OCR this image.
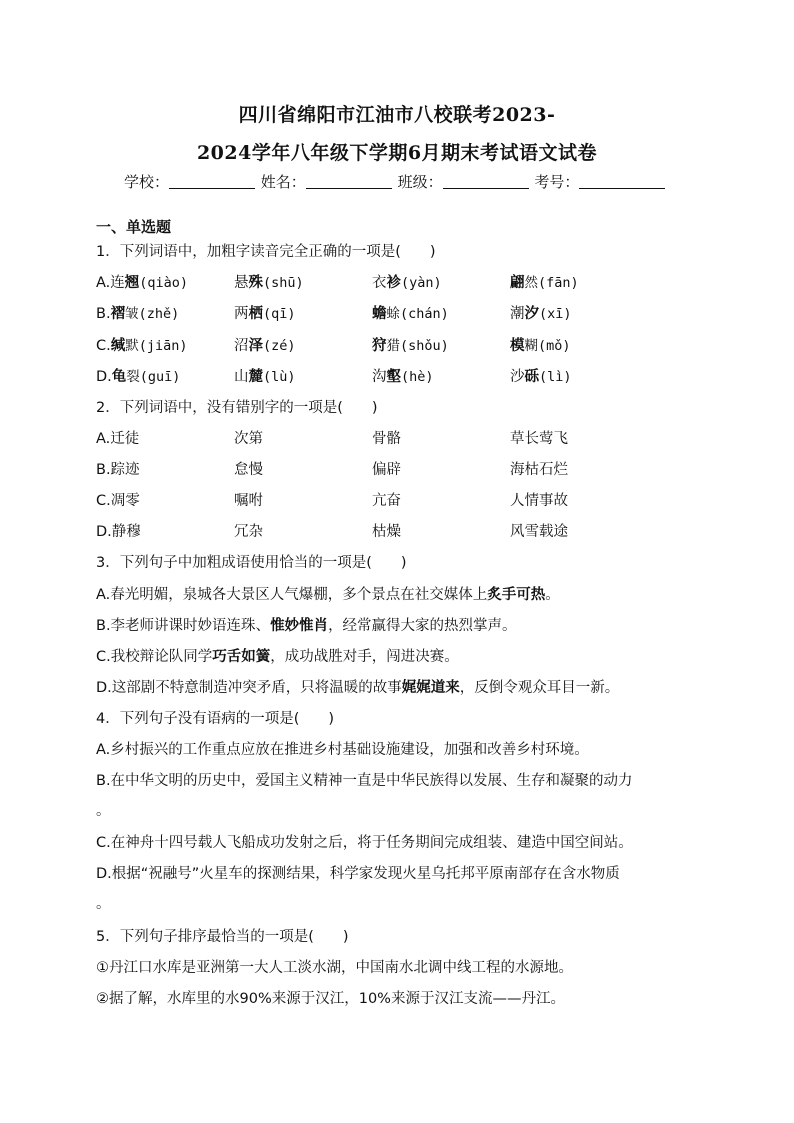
四川省绵阳市江油市八校联考2023-
2024学年八年级下学期6月期末考试语文试卷
学校：	姓名：	班级：	考号：
一、单选题
1．下列词语中，加粗字读音完全正确的一项是(　　)
A.连翘(qiào)	悬殊(shū)	衣袗(yàn)	翩然(fān)
B.褶皱(zhě)	两栖(qī)	蟾蜍(chán)	潮汐(xī)
C.缄默(jiān)	沼泽(zé)	狩猎(shǒu)	模糊(mǒ)
D.龟裂(guī)	山麓(lù)	沟壑(hè)	沙砾(lì)
2．下列词语中，没有错别字的一项是(　　)
A.迁徒	次第	骨骼	草长莺飞
B.踪迹	怠慢	偏辟	海枯石烂
C.凋零	嘱咐	亢奋	人情事故
D.静穆	冗杂	枯燥	风雪载途
3．下列句子中加粗成语使用恰当的一项是(　　)
A.春光明媚，泉城各大景区人气爆棚，多个景点在社交媒体上炙手可热。
B.李老师讲课时妙语连珠、惟妙惟肖，经常赢得大家的热烈掌声。
C.我校辩论队同学巧舌如簧，成功战胜对手，闯进决赛。
D.这部剧不特意制造冲突矛盾，只将温暖的故事娓娓道来，反倒令观众耳目一新。
4．下列句子没有语病的一项是(　　)
A.乡村振兴的工作重点应放在推进乡村基础设施建设，加强和改善乡村环境。
B.在中华文明的历史中，爱国主义精神一直是中华民族得以发展、生存和凝聚的动力
。
C.在神舟十四号载人飞船成功发射之后，将于任务期间完成组装、建造中国空间站。
D.根据“祝融号”火星车的探测结果，科学家发现火星乌托邦平原南部存在含水物质
。
5．下列句子排序最恰当的一项是(　　)
①丹江口水库是亚洲第一大人工淡水湖，中国南水北调中线工程的水源地。
②据了解，水库里的水90%来源于汉江，10%来源于汉江支流——丹江。
